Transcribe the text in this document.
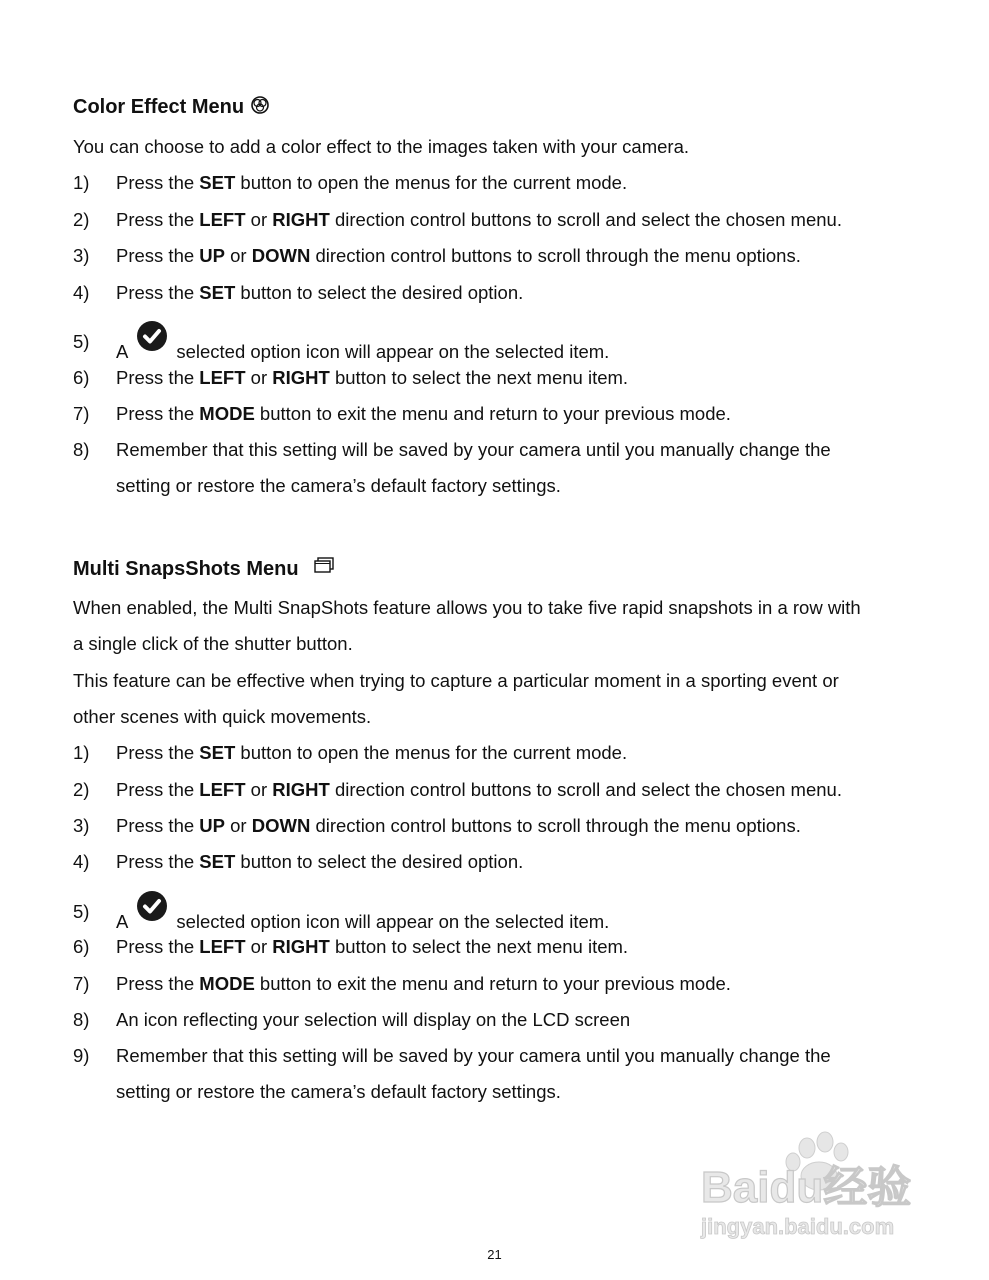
Color Effect Menu
You can choose to add a color effect to the images taken with your camera.
1) Press the SET button to open the menus for the current mode.
2) Press the LEFT or RIGHT direction control buttons to scroll and select the chosen menu.
3) Press the UP or DOWN direction control buttons to scroll through the menu options.
4) Press the SET button to select the desired option.
5) A	selected option icon will appear on the selected item.
6) Press the LEFT or RIGHT button to select the next menu item.
7) Press the MODE button to exit the menu and return to your previous mode.
8) Remember that this setting will be saved by your camera until you manually change the
setting or restore the camera’s default factory settings.
Multi SnapsShots Menu
When enabled, the Multi SnapShots feature allows you to take five rapid snapshots in a row with
a single click of the shutter button.
This feature can be effective when trying to capture a particular moment in a sporting event or
other scenes with quick movements.
1) Press the SET button to open the menus for the current mode.
2) Press the LEFT or RIGHT direction control buttons to scroll and select the chosen menu.
3) Press the UP or DOWN direction control buttons to scroll through the menu options.
4) Press the SET button to select the desired option.
5) A	selected option icon will appear on the selected item.
6) Press the LEFT or RIGHT button to select the next menu item.
7) Press the MODE button to exit the menu and return to your previous mode.
8) An icon reflecting your selection will display on the LCD screen
9) Remember that this setting will be saved by your camera until you manually change the
setting or restore the camera’s default factory settings.
Baidu经验
jingyan.baidu.com
21
